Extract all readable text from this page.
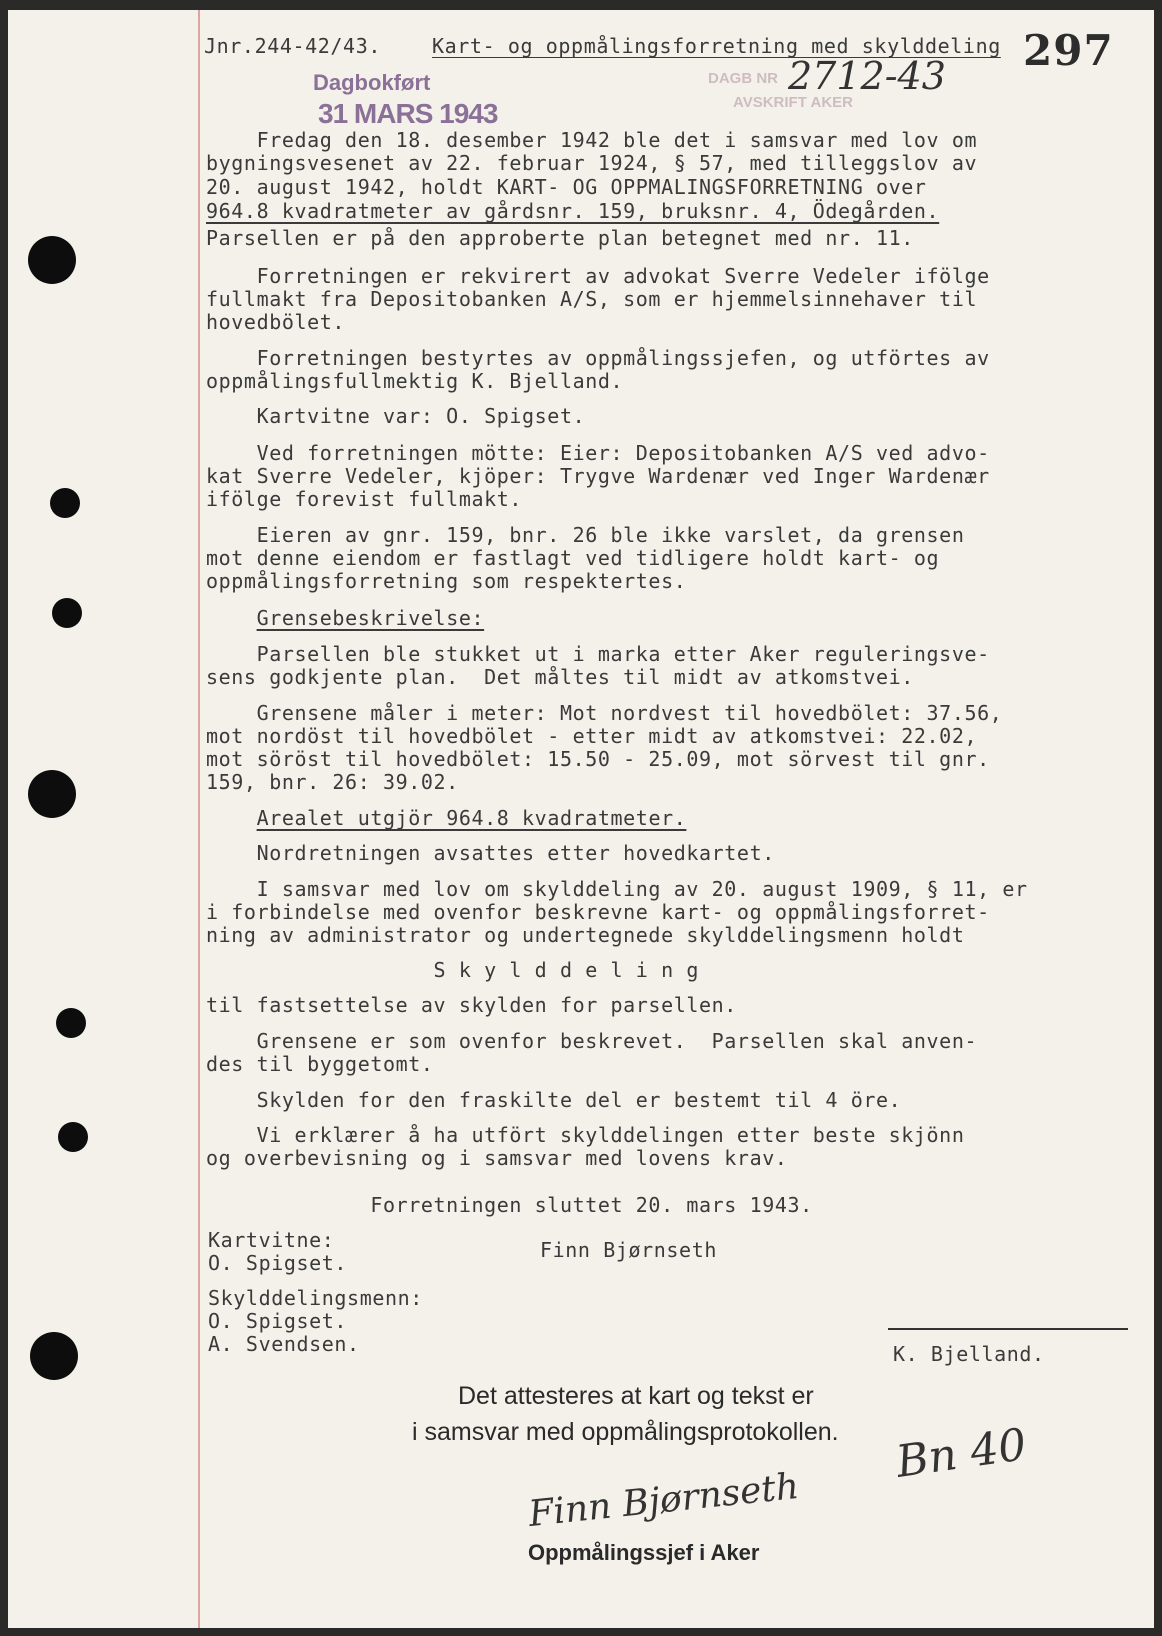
Jnr.244-42/43.	Kart- og oppmålingsforretning med skylddeling 297
Dagbokført
31 MARS 1943
DAGB NR
AVSKRIFT AKER
2712-43
Fredag den 18. desember 1942 ble det i samsvar med lov om
bygningsvesenet av 22. februar 1924, § 57, med tilleggslov av
20. august 1942, holdt KART- OG OPPMALINGSFORRETNING over
964.8 kvadratmeter av gårdsnr. 159, bruksnr. 4, Ödegården.
Parsellen er på den approberte plan betegnet med nr. 11.
Forretningen er rekvirert av advokat Sverre Vedeler ifölge
fullmakt fra Depositobanken A/S, som er hjemmelsinnehaver til
hovedbölet.
Forretningen bestyrtes av oppmålingssjefen, og utförtes av
oppmålingsfullmektig K. Bjelland.
Kartvitne var: O. Spigset.
Ved forretningen mötte: Eier: Depositobanken A/S ved advo-
kat Sverre Vedeler, kjöper: Trygve Wardenær ved Inger Wardenær
ifölge forevist fullmakt.
Eieren av gnr. 159, bnr. 26 ble ikke varslet, da grensen
mot denne eiendom er fastlagt ved tidligere holdt kart- og
oppmålingsforretning som respektertes.
Grensebeskrivelse:
Parsellen ble stukket ut i marka etter Aker reguleringsve-
sens godkjente plan.  Det måltes til midt av atkomstvei.
Grensene måler i meter: Mot nordvest til hovedbölet: 37.56,
mot nordöst til hovedbölet - etter midt av atkomstvei: 22.02,
mot söröst til hovedbölet: 15.50 - 25.09, mot sörvest til gnr.
159, bnr. 26: 39.02.
Arealet utgjör 964.8 kvadratmeter.
Nordretningen avsattes etter hovedkartet.
I samsvar med lov om skylddeling av 20. august 1909, § 11, er
i forbindelse med ovenfor beskrevne kart- og oppmålingsforret-
ning av administrator og undertegnede skylddelingsmenn holdt
S k y l d d e l i n g
til fastsettelse av skylden for parsellen.
Grensene er som ovenfor beskrevet.  Parsellen skal anven-
des til byggetomt.
Skylden for den fraskilte del er bestemt til 4 öre.
Vi erklærer å ha utfört skylddelingen etter beste skjönn
og overbevisning og i samsvar med lovens krav.
Forretningen sluttet 20. mars 1943.
Kartvitne:
O. Spigset.
Finn Bjørnseth
Skylddelingsmenn:
O. Spigset.
A. Svendsen.	K. Bjelland.
Det attesteres at kart og tekst er
i samsvar med oppmålingsprotokollen. Bn 40
Finn Bjørnseth
Oppmålingssjef i Aker
